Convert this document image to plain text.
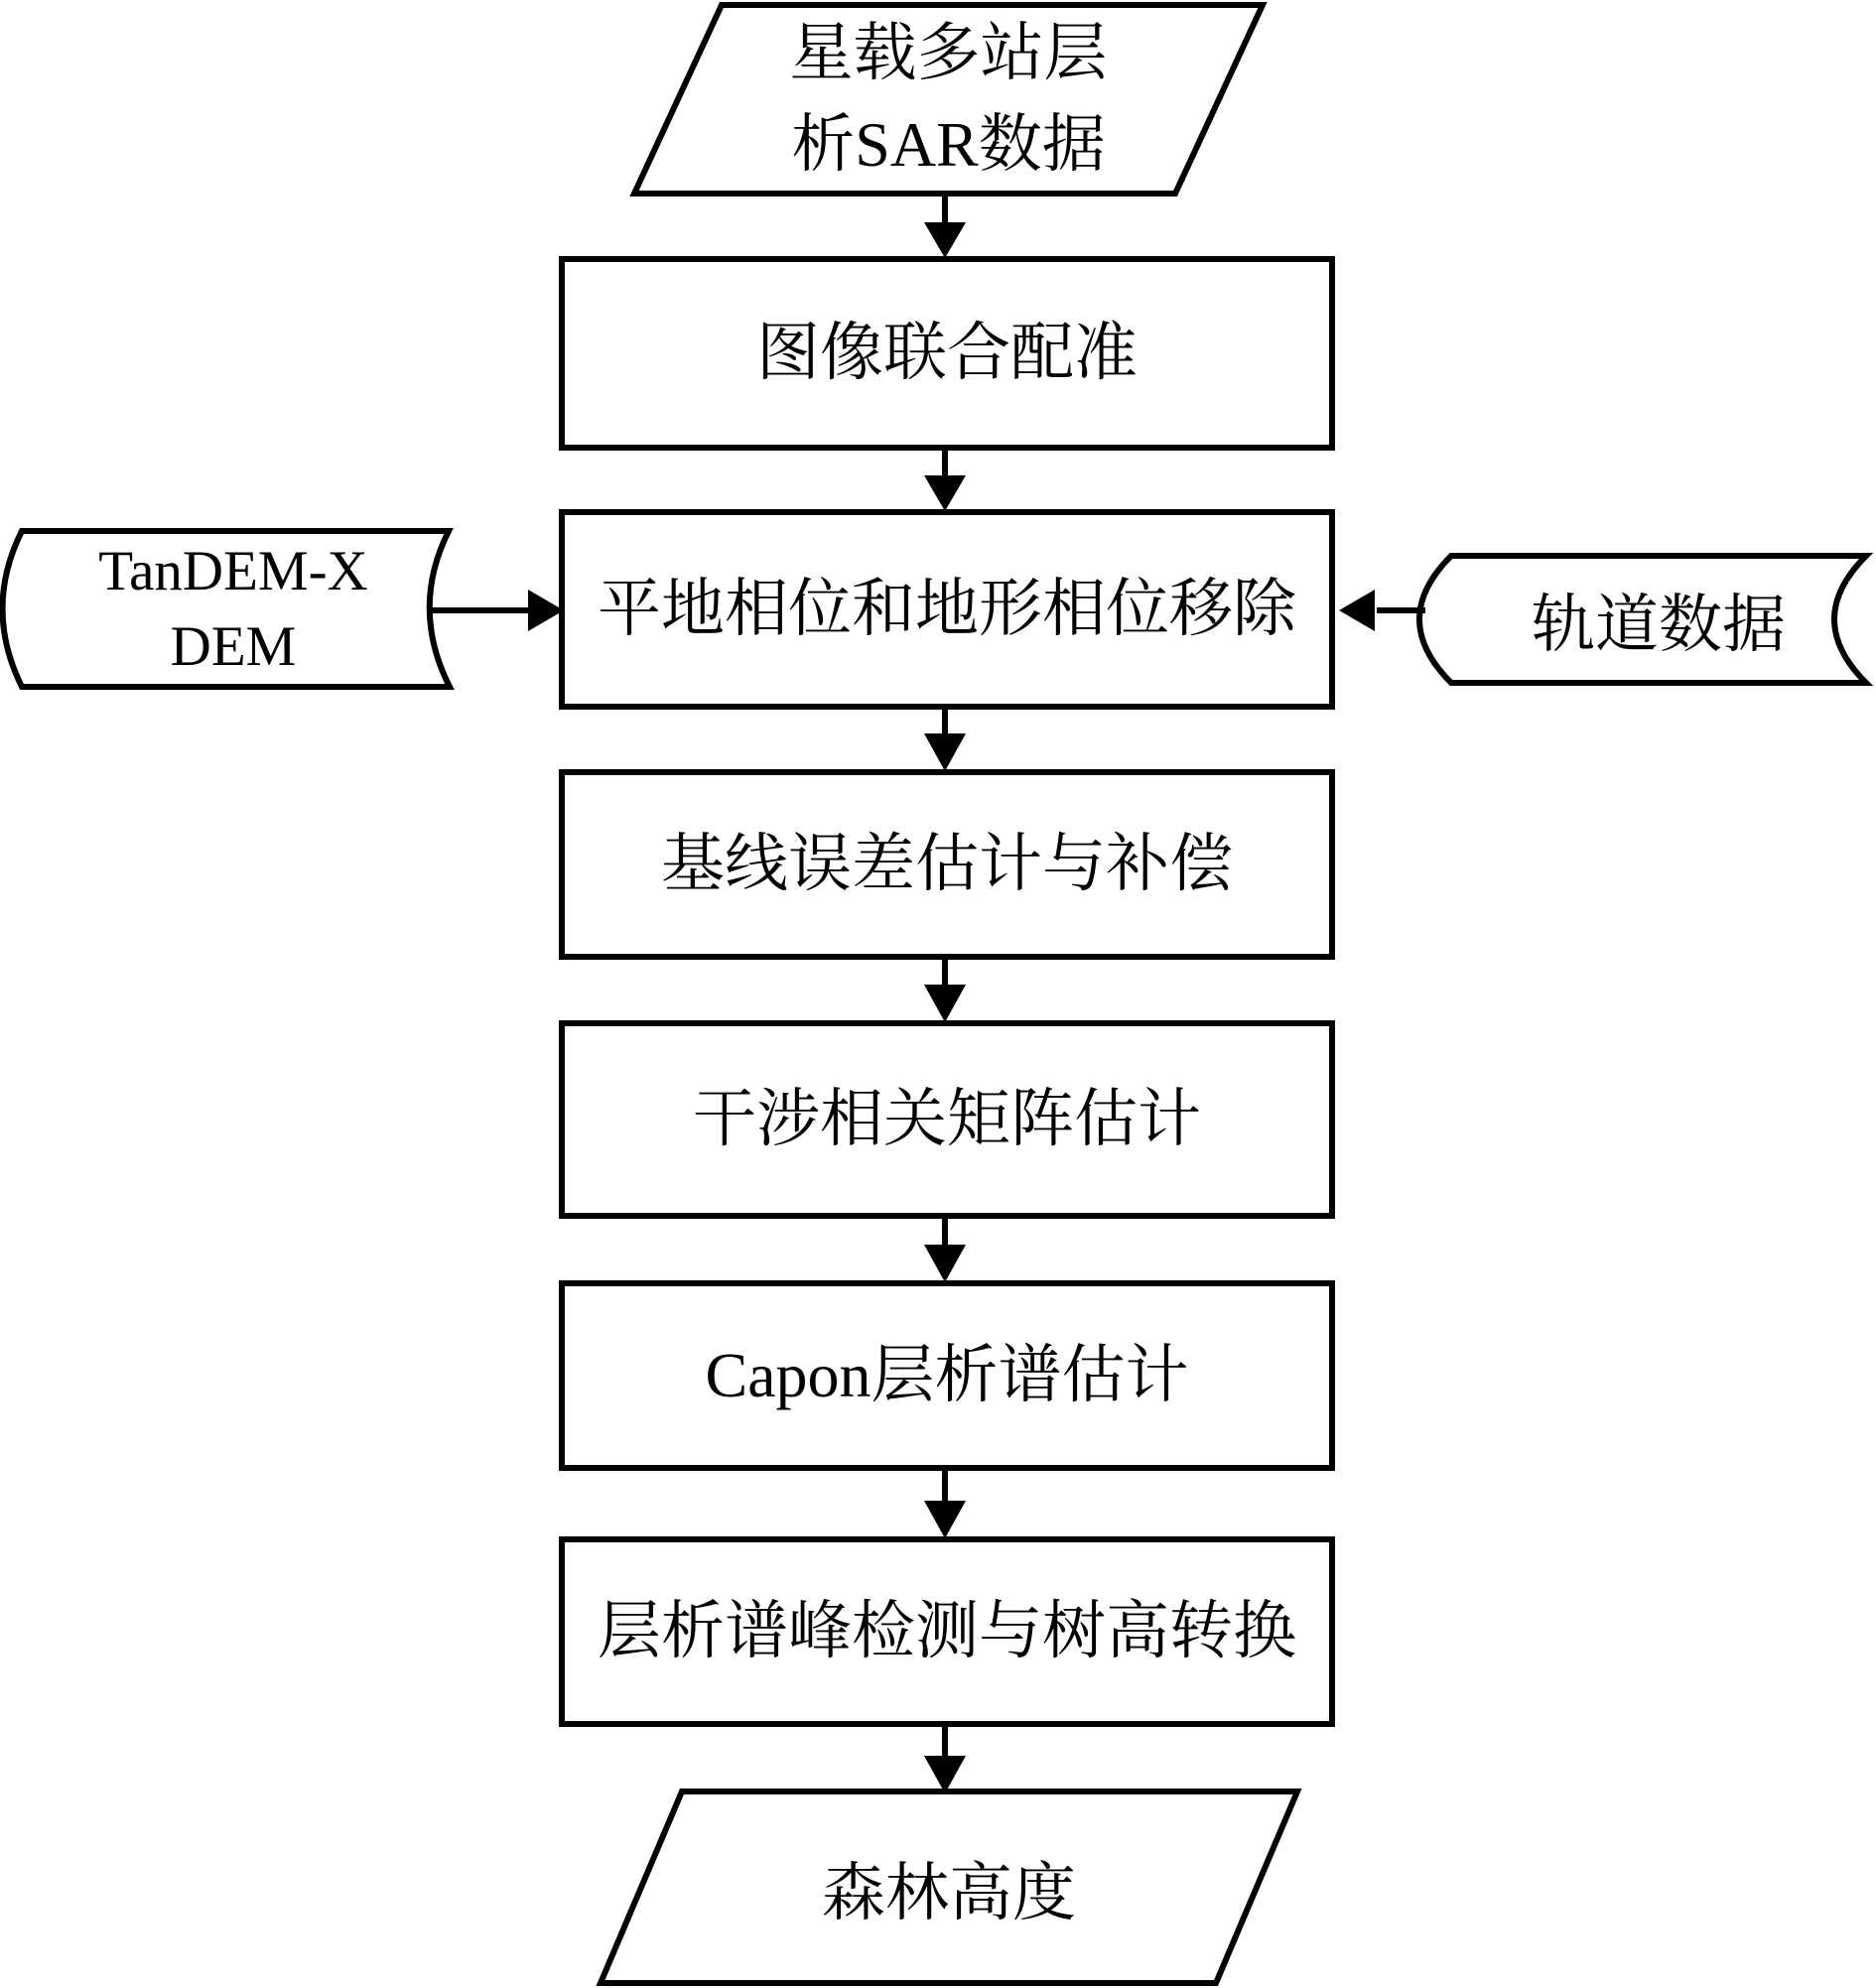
图像联合配准
平地相位和地形相位移除
基线误差估计与补偿
干涉相关矩阵估计
Capon层析谱估计
层析谱峰检测与树高转换
星载多站层
析SAR数据
TanDEM-X
DEM	轨道数据
森林高度
